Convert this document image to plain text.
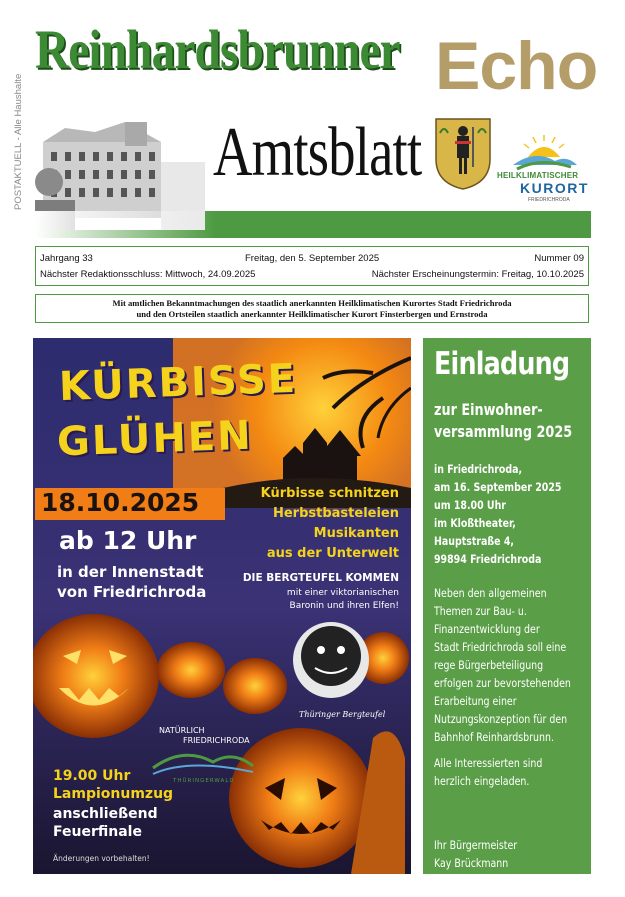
POSTAKTUELL - Alle Haushalte
Reinhardsbrunner Echo
Amtsblatt	HEILKLIMATISCHER
KURORT
FRIEDRICHRODA
Jahrgang 33	Freitag, den 5. September 2025	Nummer 09
Nächster Redaktionsschluss: Mittwoch, 24.09.2025	Nächster Erscheinungstermin: Freitag, 10.10.2025
Mit amtlichen Bekanntmachungen des staatlich anerkannten Heilklimatischen Kurortes Stadt Friedrichroda
und den Ortsteilen staatlich anerkannter Heilklimatischer Kurort Finsterbergen und Ernstroda
KÜRBISSE
GLÜHEN
18.10.2025
ab 12 Uhr
in der Innenstadt
von Friedrichroda
Kürbisse schnitzen
Herbstbasteleien
Musikanten
aus der Unterwelt
DIE BERGTEUFEL KOMMEN
mit einer viktorianischen
Baronin und ihren Elfen!
Thüringer Bergteufel
NATÜRLICH
FRIEDRICHRODA
THÜRINGERWALD
19.00 Uhr
Lampionumzug
anschließend
Feuerfinale
Änderungen vorbehalten!
Einladung
zur Einwohner-
versammlung 2025
in Friedrichroda,
am 16. September 2025
um 18.00 Uhr
im Kloßtheater,
Hauptstraße 4,
99894 Friedrichroda
Neben den allgemeinen
Themen zur Bau- u.
Finanzentwicklung der
Stadt Friedrichroda soll eine
rege Bürgerbeteiligung
erfolgen zur bevorstehenden
Erarbeitung einer
Nutzungskonzeption für den
Bahnhof Reinhardsbrunn.
Alle Interessierten sind
herzlich eingeladen.
Ihr Bürgermeister
Kay Brückmann
